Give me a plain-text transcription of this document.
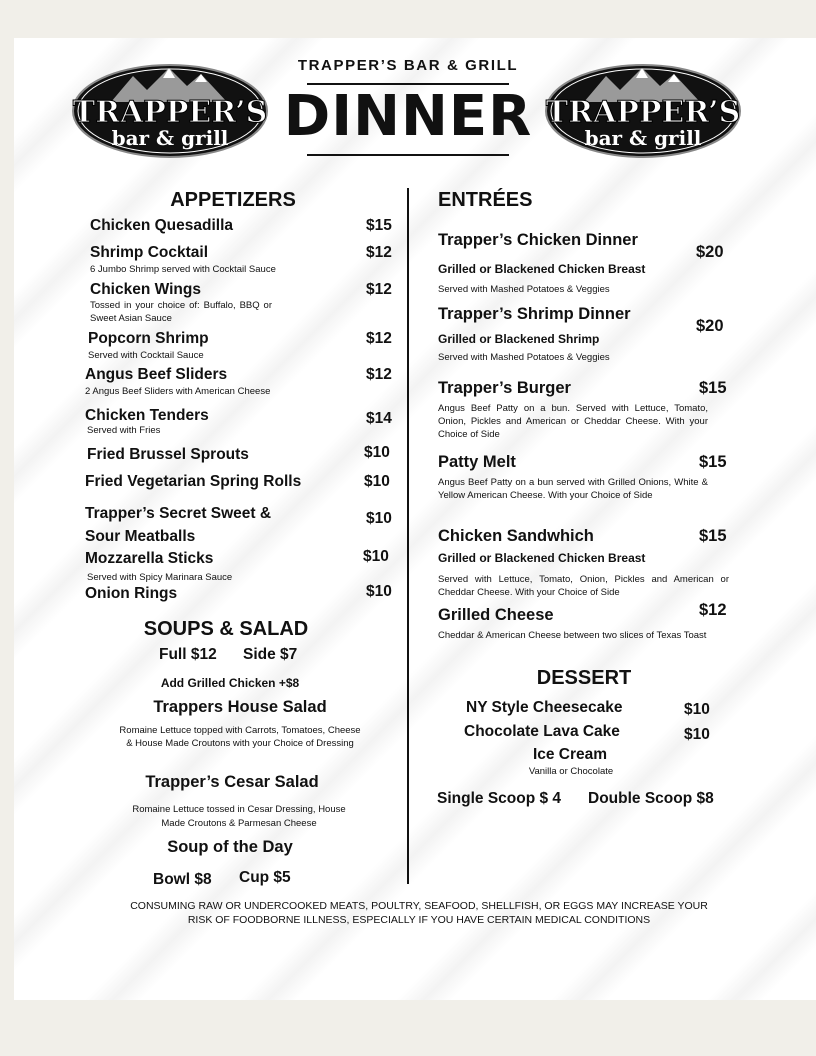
TRAPPER’S BAR & GRILL
DINNER
TRAPPER’S
bar & grill
TRAPPER’S
bar & grill
APPETIZERS
Chicken Quesadilla	$15
Shrimp Cocktail	$12
6 Jumbo Shrimp served with Cocktail Sauce
Chicken Wings	$12
Tossed in your choice of: Buffalo, BBQ or Sweet Asian Sauce
Popcorn Shrimp	$12
Served with Cocktail Sauce
Angus Beef Sliders	$12
2 Angus Beef Sliders with American Cheese
Chicken Tenders	$14
Served with Fries
Fried Brussel Sprouts	$10
Fried Vegetarian Spring Rolls	$10
Trapper’s Secret Sweet & Sour Meatballs
$10
Mozzarella Sticks	$10
Served with Spicy Marinara Sauce
Onion Rings	$10
SOUPS & SALAD
Full $12 Side $7
Add Grilled Chicken +$8
Trappers House Salad
Romaine Lettuce topped with Carrots, Tomatoes, Cheese & House Made Croutons with your Choice of Dressing
Trapper’s Cesar Salad
Romaine Lettuce tossed in Cesar Dressing, House Made Croutons & Parmesan Cheese
Soup of the Day
Bowl $8 Cup $5
ENTRÉES
Trapper’s Chicken Dinner
$20
Grilled or Blackened Chicken Breast
Served with Mashed Potatoes & Veggies
Trapper’s Shrimp Dinner
$20
Grilled or Blackened Shrimp
Served with Mashed Potatoes & Veggies
Trapper’s Burger	$15
Angus Beef Patty on a bun. Served with Lettuce, Tomato, Onion, Pickles and American or Cheddar Cheese. With your Choice of Side
Patty Melt	$15
Angus Beef Patty on a bun served with Grilled Onions, White & Yellow American Cheese. With your Choice of Side
Chicken Sandwhich	$15
Grilled or Blackened Chicken Breast
Served with Lettuce, Tomato, Onion, Pickles and American or Cheddar Cheese. With your Choice of Side
Grilled Cheese	$12
Cheddar & American Cheese between two slices of Texas Toast
DESSERT
NY Style Cheesecake	$10
Chocolate Lava Cake	$10
Ice Cream
Vanilla or Chocolate
Single Scoop $ 4 Double Scoop $8
CONSUMING RAW OR UNDERCOOKED MEATS, POULTRY, SEAFOOD, SHELLFISH, OR EGGS MAY INCREASE YOUR RISK OF FOODBORNE ILLNESS, ESPECIALLY IF YOU HAVE CERTAIN MEDICAL CONDITIONS
